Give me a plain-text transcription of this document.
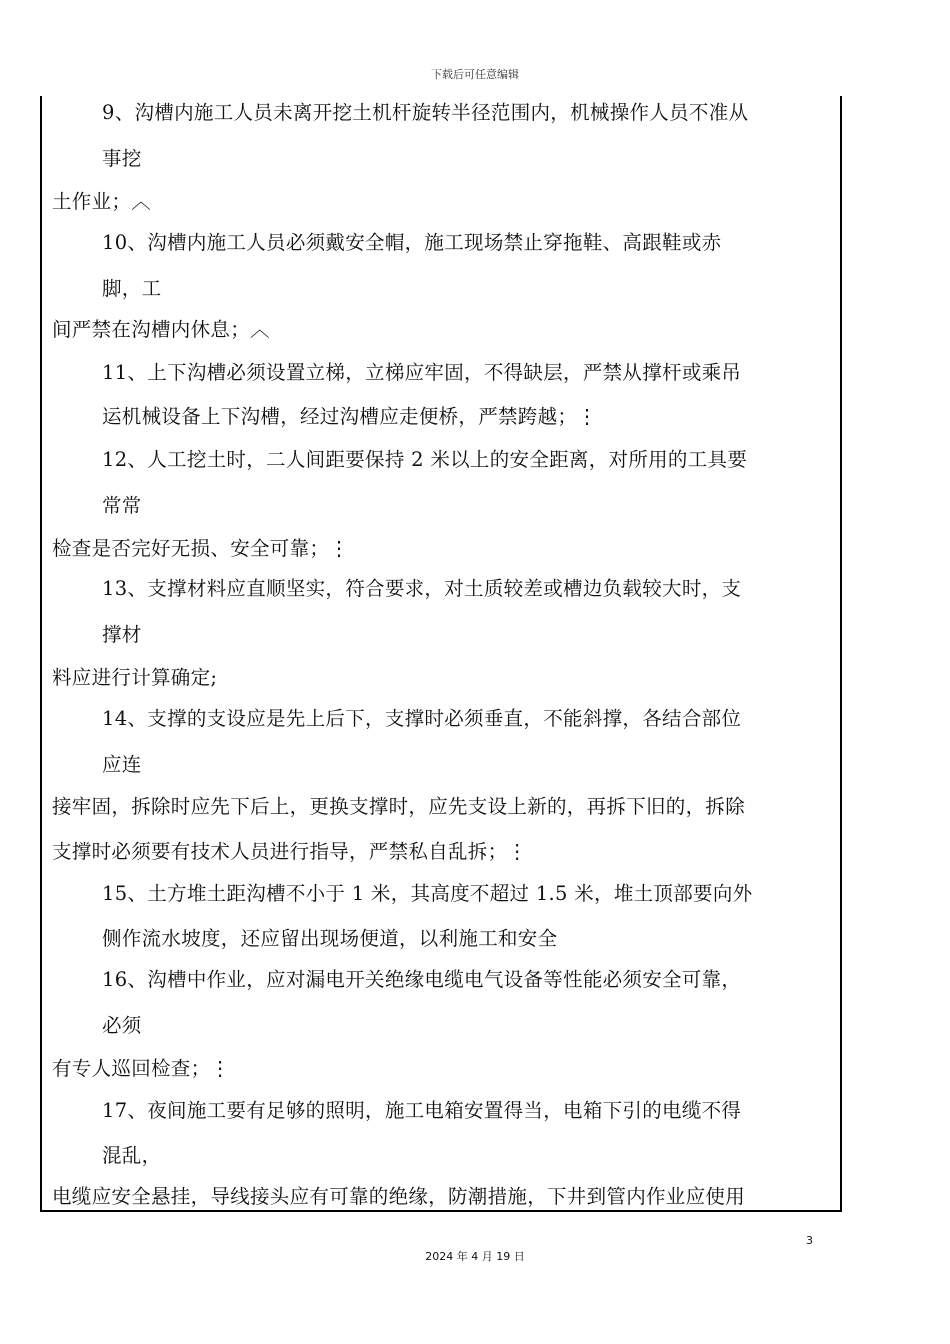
下载后可任意编辑
9、沟槽内施工人员未离开挖土机杆旋转半径范围内，机械操作人员不准从
事挖
土作业；︿
10、沟槽内施工人员必须戴安全帽，施工现场禁止穿拖鞋、高跟鞋或赤
脚，工
间严禁在沟槽内休息；︿
11、上下沟槽必须设置立梯，立梯应牢固，不得缺层，严禁从撑杆或乘吊
运机械设备上下沟槽，经过沟槽应走便桥，严禁跨越；⋮
12、人工挖土时，二人间距要保持 2 米以上的安全距离，对所用的工具要
常常
检查是否完好无损、安全可靠；⋮
13、支撑材料应直顺坚实，符合要求，对土质较差或槽边负载较大时，支
撑材
料应进行计算确定;
14、支撑的支设应是先上后下，支撑时必须垂直，不能斜撑，各结合部位
应连
接牢固，拆除时应先下后上，更换支撑时，应先支设上新的，再拆下旧的，拆除
支撑时必须要有技术人员进行指导，严禁私自乱拆；⋮
15、土方堆土距沟槽不小于 1 米，其高度不超过 1.5 米，堆土顶部要向外
侧作流水坡度，还应留出现场便道，以利施工和安全
16、沟槽中作业，应对漏电开关绝缘电缆电气设备等性能必须安全可靠，
必须
有专人巡回检查；⋮
17、夜间施工要有足够的照明，施工电箱安置得当，电箱下引的电缆不得
混乱，
电缆应安全悬挂，导线接头应有可靠的绝缘，防潮措施，下井到管内作业应使用
3
2024 年 4 月 19 日
